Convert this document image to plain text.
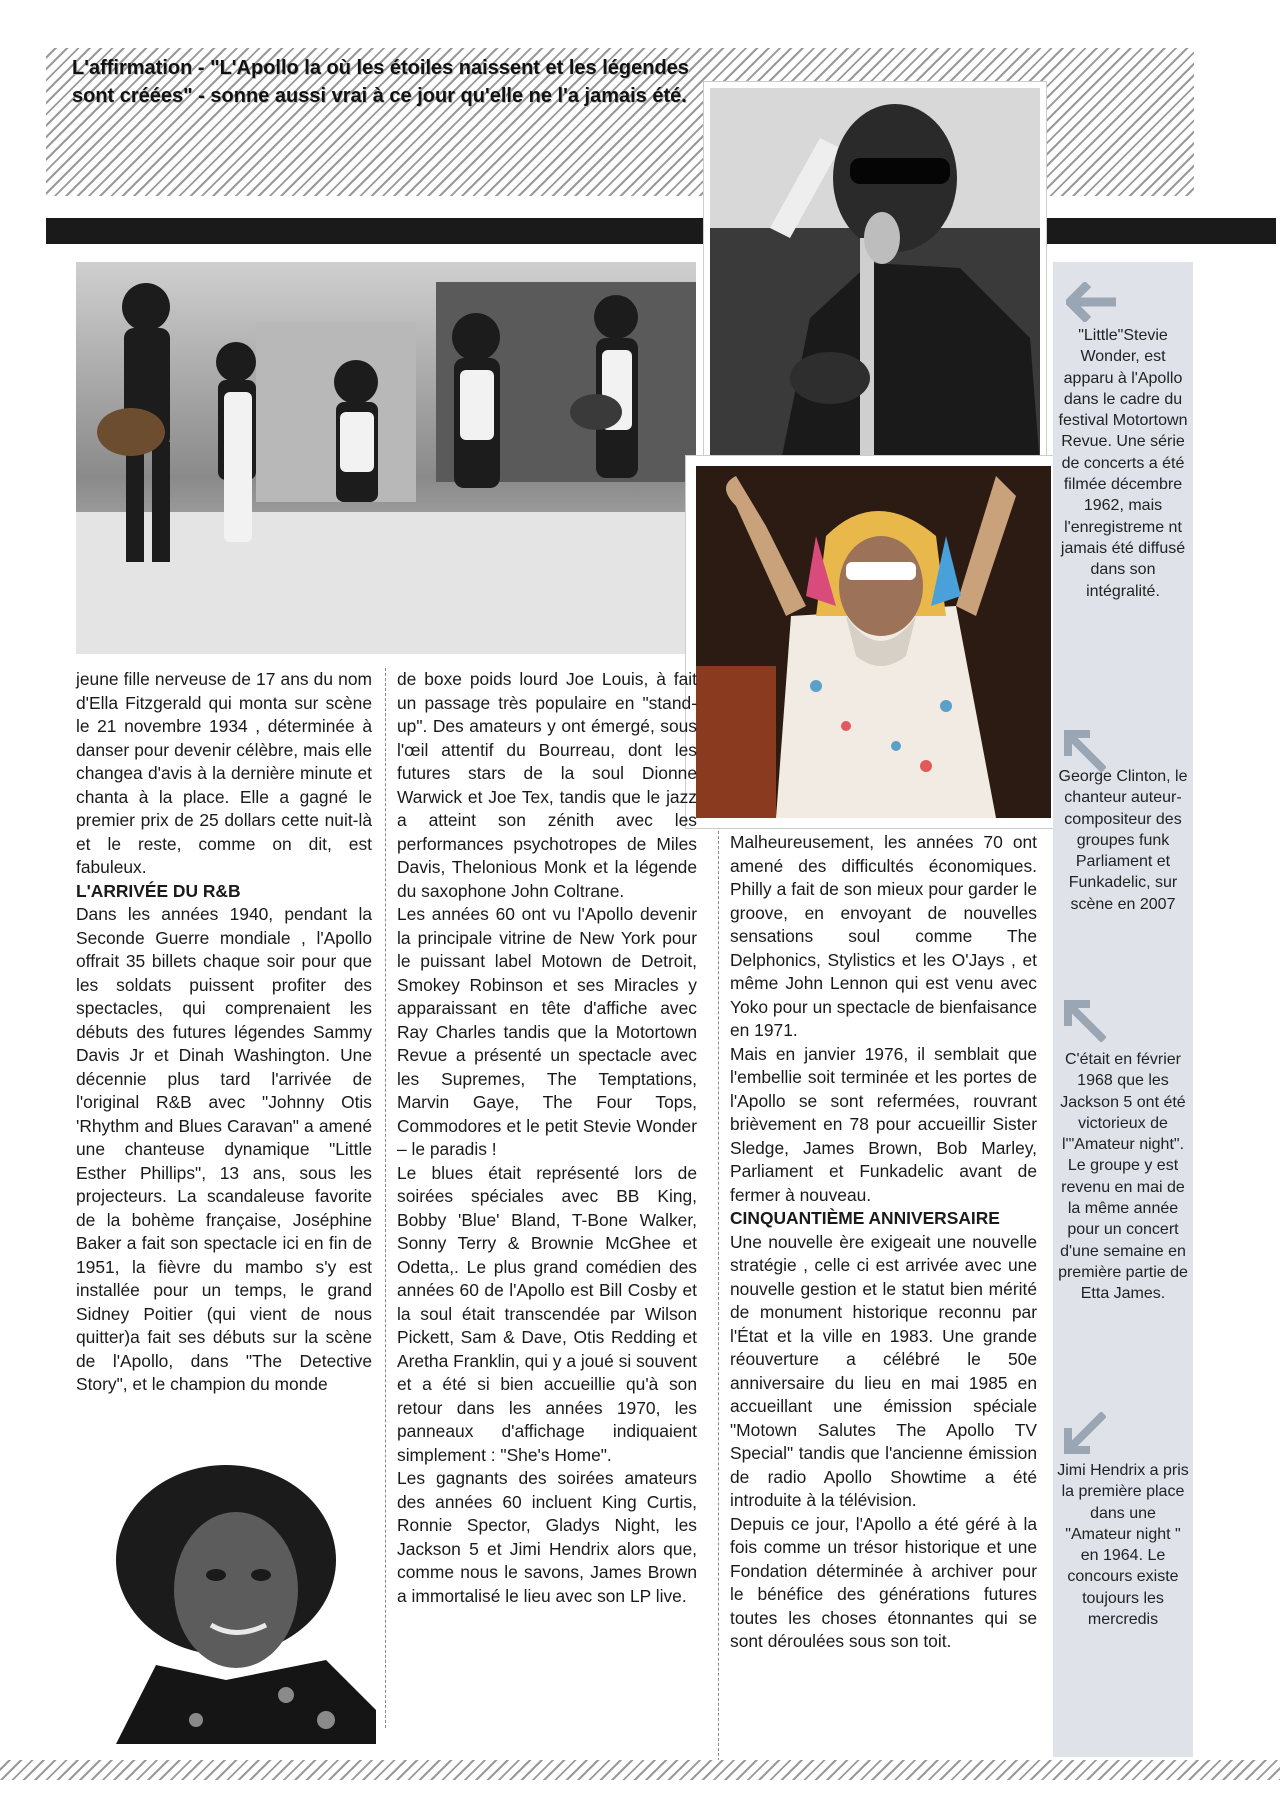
L'affirmation - "L'Apollo la où les étoiles naissent et les légendes sont créées" - sonne aussi vrai à ce jour qu'elle ne l'a jamais été.

jeune fille nerveuse de 17 ans du nom d'Ella Fitzgerald qui monta sur scène le 21 novembre 1934 , déterminée à danser pour devenir célèbre, mais elle changea d'avis à la dernière minute et chanta à la place. Elle a gagné le premier prix de 25 dollars cette nuit-là et le reste, comme on dit, est fabuleux.

L'ARRIVÉE DU R&B

Dans les années 1940, pendant la Seconde Guerre mondiale , l'Apollo offrait 35 billets chaque soir pour que les soldats puissent profiter des spectacles, qui comprenaient les débuts des futures légendes Sammy Davis Jr et Dinah Washington. Une décennie plus tard l'arrivée de l'original R&B avec "Johnny Otis 'Rhythm and Blues Caravan" a amené une chanteuse dynamique "Little Esther Phillips", 13 ans, sous les projecteurs. La scandaleuse favorite de la bohème française, Joséphine Baker a fait son spectacle ici en fin de 1951, la fièvre du mambo s'y est installée pour un temps, le grand Sidney Poitier (qui vient de nous quitter)a fait ses débuts sur la scène de l'Apollo, dans "The Detective Story", et le champion du monde

de boxe poids lourd Joe Louis, à fait un passage très populaire en "stand-up". Des amateurs y ont émergé, sous l'œil attentif du Bourreau, dont les futures stars de la soul Dionne Warwick et Joe Tex, tandis que le jazz a atteint son zénith avec les performances psychotropes de Miles Davis, Thelonious Monk et la légende du saxophone John Coltrane.

Les années 60 ont vu l'Apollo devenir la principale vitrine de New York pour le puissant label Motown de Detroit, Smokey Robinson et ses Miracles y apparaissant en tête d'affiche avec Ray Charles tandis que la Motortown Revue a présenté un spectacle avec les Supremes, The Temptations, Marvin Gaye, The Four Tops, Commodores et le petit Stevie Wonder – le paradis !

Le blues était représenté lors de soirées spéciales avec BB King, Bobby 'Blue' Bland, T-Bone Walker, Sonny Terry & Brownie McGhee et Odetta,. Le plus grand comédien des années 60 de l'Apollo est Bill Cosby et la soul était transcendée par Wilson Pickett, Sam & Dave, Otis Redding et Aretha Franklin, qui y a joué si souvent et a été si bien accueillie qu'à son retour dans les années 1970, les panneaux d'affichage indiquaient simplement : "She's Home".

Les gagnants des soirées amateurs des années 60 incluent King Curtis, Ronnie Spector, Gladys Night, les Jackson 5 et Jimi Hendrix alors que, comme nous le savons, James Brown a immortalisé le lieu avec son LP live.

Malheureusement, les années 70 ont amené des difficultés économiques. Philly a fait de son mieux pour garder le groove, en envoyant de nouvelles sensations soul comme The Delphonics, Stylistics et les O'Jays , et même John Lennon qui est venu avec Yoko pour un spectacle de bienfaisance en 1971.

Mais en janvier 1976, il semblait que l'embellie soit terminée et les portes de l'Apollo se sont refermées, rouvrant brièvement en 78 pour accueillir Sister Sledge, James Brown, Bob Marley, Parliament et Funkadelic avant de fermer à nouveau.

CINQUANTIÈME ANNIVERSAIRE

Une nouvelle ère exigeait une nouvelle stratégie , celle ci est arrivée avec une nouvelle gestion et le statut bien mérité de monument historique reconnu par l'État et la ville en 1983. Une grande réouverture a célébré le 50e anniversaire du lieu en mai 1985 en accueillant une émission spéciale "Motown Salutes The Apollo TV Special" tandis que l'ancienne émission de radio Apollo Showtime a été introduite à la télévision.

Depuis ce jour, l'Apollo a été géré à la fois comme un trésor historique et une Fondation déterminée à archiver pour le bénéfice des générations futures toutes les choses étonnantes qui se sont déroulées sous son toit.

"Little"Stevie Wonder, est apparu à l'Apollo dans le cadre du festival Motortown Revue. Une série de concerts a été filmée décembre 1962, mais l'enregistreme nt jamais été diffusé dans son intégralité.
George Clinton, le chanteur auteur-compositeur des groupes funk Parliament et Funkadelic, sur scène en 2007
C'était en février 1968 que les Jackson 5 ont été victorieux de l'"Amateur night". Le groupe y est revenu en mai de la même année pour un concert d'une semaine en première partie de Etta James.
Jimi Hendrix a pris la première place dans une "Amateur night " en 1964. Le concours existe toujours les mercredis
